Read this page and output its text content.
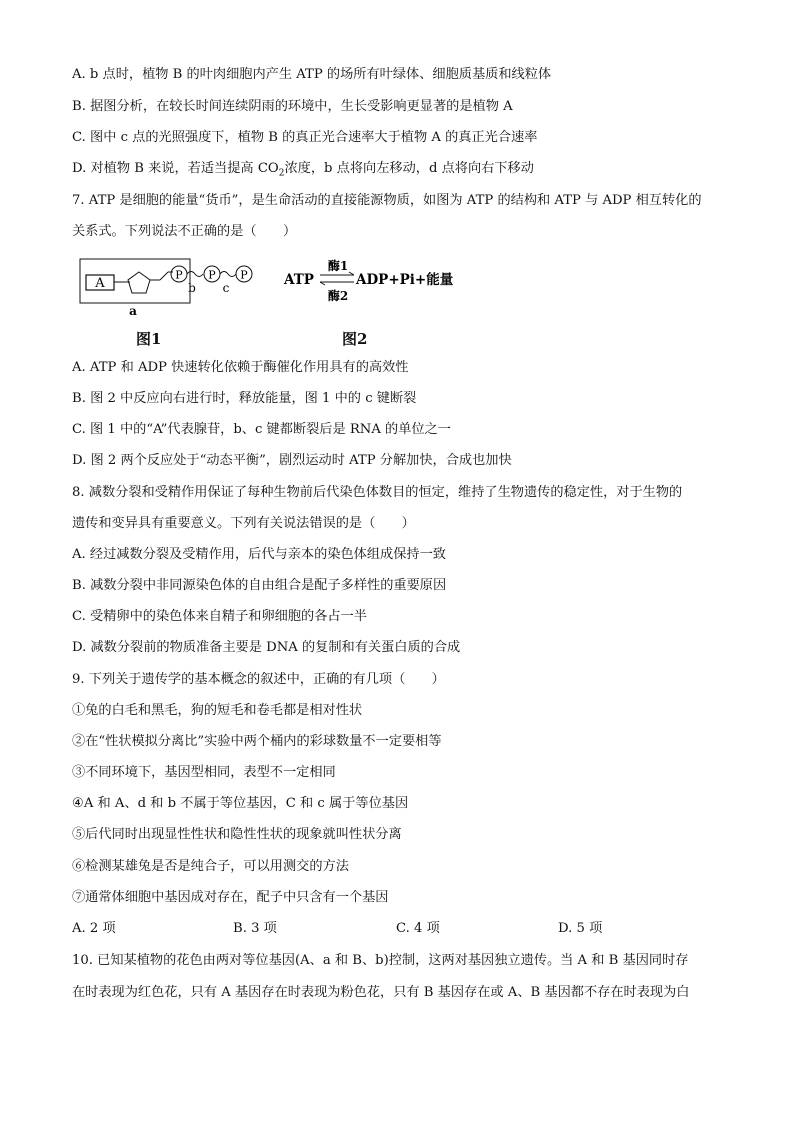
A. b 点时，植物 B 的叶肉细胞内产生 ATP 的场所有叶绿体、细胞质基质和线粒体
B. 据图分析，在较长时间连续阴雨的环境中，生长受影响更显著的是植物 A
C. 图中 c 点的光照强度下，植物 B 的真正光合速率大于植物 A 的真正光合速率
D. 对植物 B 来说，若适当提高 $CO_2$浓度，b 点将向左移动，d 点将向右下移动
7. ATP 是细胞的能量“货币”，是生命活动的直接能源物质，如图为 ATP 的结构和 ATP 与 ADP 相互转化的
关系式。下列说法不正确的是（　　）
A
P
b
P
c
P
a
图1
ATP
酶1
酶2
ADP+Pi+能量
图2
A. ATP 和 ADP 快速转化依赖于酶催化作用具有的高效性
B. 图 2 中反应向右进行时，释放能量，图 1 中的 c 键断裂
C. 图 1 中的“A”代表腺苷，b、c 键都断裂后是 RNA 的单位之一
D. 图 2 两个反应处于“动态平衡”，剧烈运动时 ATP 分解加快，合成也加快
8. 减数分裂和受精作用保证了每种生物前后代染色体数目的恒定，维持了生物遗传的稳定性，对于生物的
遗传和变异具有重要意义。下列有关说法错误的是（　　）
A. 经过减数分裂及受精作用，后代与亲本的染色体组成保持一致
B. 减数分裂中非同源染色体的自由组合是配子多样性的重要原因
C. 受精卵中的染色体来自精子和卵细胞的各占一半
D. 减数分裂前的物质准备主要是 DNA 的复制和有关蛋白质的合成
9. 下列关于遗传学的基本概念的叙述中，正确的有几项（　　）
①兔的白毛和黑毛，狗的短毛和卷毛都是相对性状
②在“性状模拟分离比”实验中两个桶内的彩球数量不一定要相等
③不同环境下，基因型相同，表型不一定相同
④A 和 A、d 和 b 不属于等位基因，C 和 c 属于等位基因
⑤后代同时出现显性性状和隐性性状的现象就叫性状分离
⑥检测某雄兔是否是纯合子，可以用测交的方法
⑦通常体细胞中基因成对存在，配子中只含有一个基因
A. 2 项	B. 3 项	C. 4 项	D. 5 项
10. 已知某植物的花色由两对等位基因(A、a 和 B、b)控制，这两对基因独立遗传。当 A 和 B 基因同时存
在时表现为红色花，只有 A 基因存在时表现为粉色花，只有 B 基因存在或 A、B 基因都不存在时表现为白
